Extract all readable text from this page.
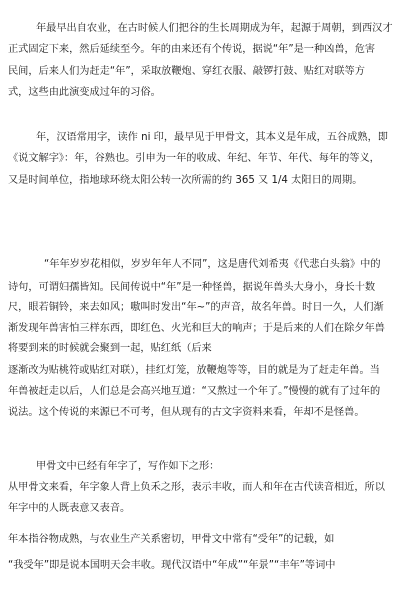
年最早出自农业，在古时候人们把谷的生长周期成为年，起源于周朝，到西汉才
正式固定下来，然后延续至今。年的由来还有个传说，据说“年”是一种凶兽，危害
民间，后来人们为赶走“年”，采取放鞭炮、穿红衣服、敲锣打鼓、贴红对联等方
式，这些由此演变成过年的习俗。
年，汉语常用字，读作 ni 印，最早见于甲骨文，其本义是年成，五谷成熟，即
《说文解字》：年，谷熟也。引申为一年的收成、年纪、年节、年代、每年的等义，
又是时间单位，指地球环绕太阳公转一次所需的约 365 又 1/4 太阳日的周期。
“年年岁岁花相似，岁岁年年人不同”，这是唐代刘希夷《代悲白头翁》中的
诗句，可谓妇孺皆知。民间传说中“年”是一种怪兽，据说年兽头大身小，身长十数
尺，眼若铜铃，来去如风；嗷叫时发出“年~”的声音，故名年兽。时日一久，人们渐
渐发现年兽害怕三样东西，即红色、火光和巨大的响声；于是后来的人们在除夕年兽
将要到来的时候就会聚到一起，贴红纸（后来
逐渐改为贴桃符或贴红对联），挂红灯笼，放鞭炮等等，目的就是为了赶走年兽。当
年兽被赶走以后，人们总是会高兴地互道：“又熬过一个年了。”慢慢的就有了过年的
说法。这个传说的来源已不可考，但从现有的古文字资料来看，年却不是怪兽。
甲骨文中已经有年字了，写作如下之形：
从甲骨文来看，年字象人背上负禾之形，表示丰收，而人和年在古代读音相近，所以
年字中的人既表意又表音。
年本指谷物成熟，与农业生产关系密切，甲骨文中常有“受年”的记载，如
“我受年”即是说本国明天会丰收。现代汉语中“年成”“年景”“丰年”等词中
